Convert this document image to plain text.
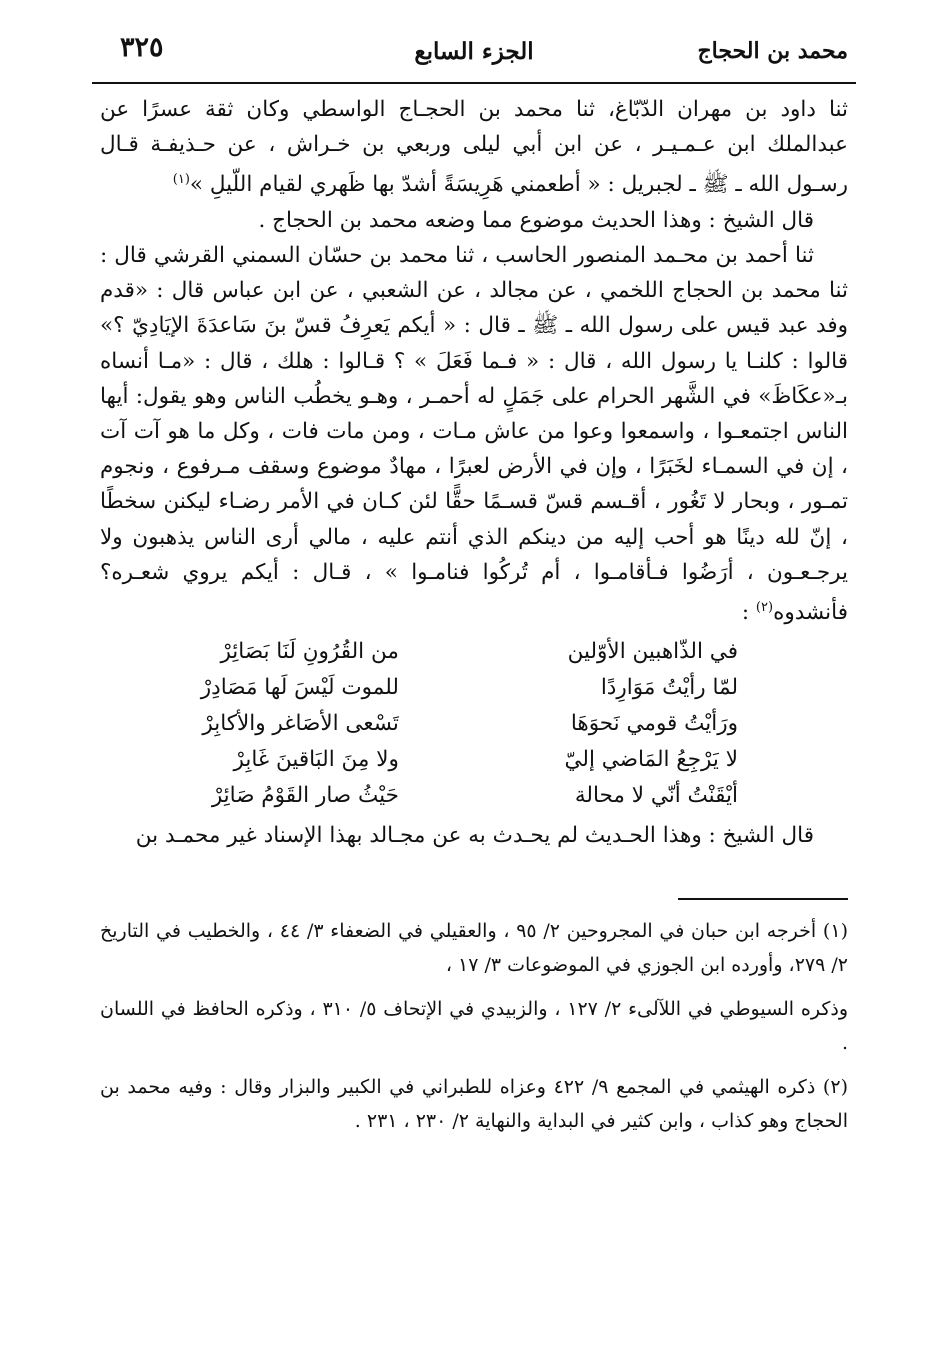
محمد بن الحجاج
الجزء السابع
٣٢٥

ثنا داود بن مهران الدّبّاغ، ثنا محمد بن الحجـاج الواسطي وكان ثقة عسرًا عن عبدالملك ابن عـمـيـر ، عن ابن أبي ليلى وربعي بن خـراش ، عن حـذيفـة قـال رسـول الله ـ ﷺ ـ لجبريل : « أطعمني هَرِيسَةً أشدّ بها ظَهري لقيام اللّيلِ »$^{(١)}$

قال الشيخ : وهذا الحديث موضوع مما وضعه محمد بن الحجاج .

ثنا أحمد بن محـمد المنصور الحاسب ، ثنا محمد بن حسّان السمني القرشي قال : ثنا محمد بن الحجاج اللخمي ، عن مجالد ، عن الشعبي ، عن ابن عباس قال : «قدم وفد عبد قيس على رسول الله ـ ﷺ ـ قال : « أيكم يَعرِفُ قسّ بنَ سَاعدَةَ الإيَادِيّ ؟» قالوا : كلنـا يا رسول الله ، قال : « فـما فَعَلَ » ؟ قـالوا : هلك ، قال : «مـا أنساه بـ«عكَاظَ» في الشَّهر الحرام على جَمَلٍ له أحمـر ، وهـو يخطُب الناس وهو يقول: أيها الناس اجتمعـوا ، واسمعوا وعوا من عاش مـات ، ومن مات فات ، وكل ما هو آت آت ، إن في السمـاء لخَبَرًا ، وإن في الأرض لعبرًا ، مهادٌ موضوع وسقف مـرفوع ، ونجوم تمـور ، وبحار لا تَغُور ، أقـسم قسّ قسـمًا حقًّا لئن كـان في الأمر رضـاء ليكنن سخطًا ، إنّ لله دينًا هو أحب إليه من دينكم الذي أنتم عليه ، مالي أرى الناس يذهبون ولا يرجـعـون ، أرَضُوا فـأقامـوا ، أم تُركُوا فنامـوا » ، قـال : أيكم يروي شعـره؟ فأنشدوه$^{(٢)}$ :

في الذّاهبين الأوّلين
من القُرُونِ لَنَا بَصَائِرْ
لمّا رأيْتُ مَوَارِدًا
للموت لَيْسَ لَها مَصَادِرْ
ورَأيْتُ قومي نَحوَهَا
تَسْعى الأصَاغر والأكابِرْ
لا يَرْجِعُ المَاضي إليّ
ولا مِنَ البَاقينَ غَابِرْ
أيْقَنْتُ أنّي لا محالة
حَيْثُ صار القَوْمُ صَائِرْ

قال الشيخ : وهذا الحـديث لم يحـدث به عن مجـالد بهذا الإسناد غير محمـد بن

(١) أخرجه ابن حبان في المجروحين ٢/ ٩٥ ، والعقيلي في الضعفاء ٣/ ٤٤ ، والخطيب في التاريخ ٢/ ٢٧٩، وأورده ابن الجوزي في الموضوعات ٣/ ١٧ ،

وذكره السيوطي في اللآلىء ٢/ ١٢٧ ، والزبيدي في الإتحاف ٥/ ٣١٠ ، وذكره الحافظ في اللسان .

(٢) ذكره الهيثمي في المجمع ٩/ ٤٢٢ وعزاه للطبراني في الكبير والبزار وقال : وفيه محمد بن الحجاج وهو كذاب ، وابن كثير في البداية والنهاية ٢/ ٢٣٠ ، ٢٣١ .
